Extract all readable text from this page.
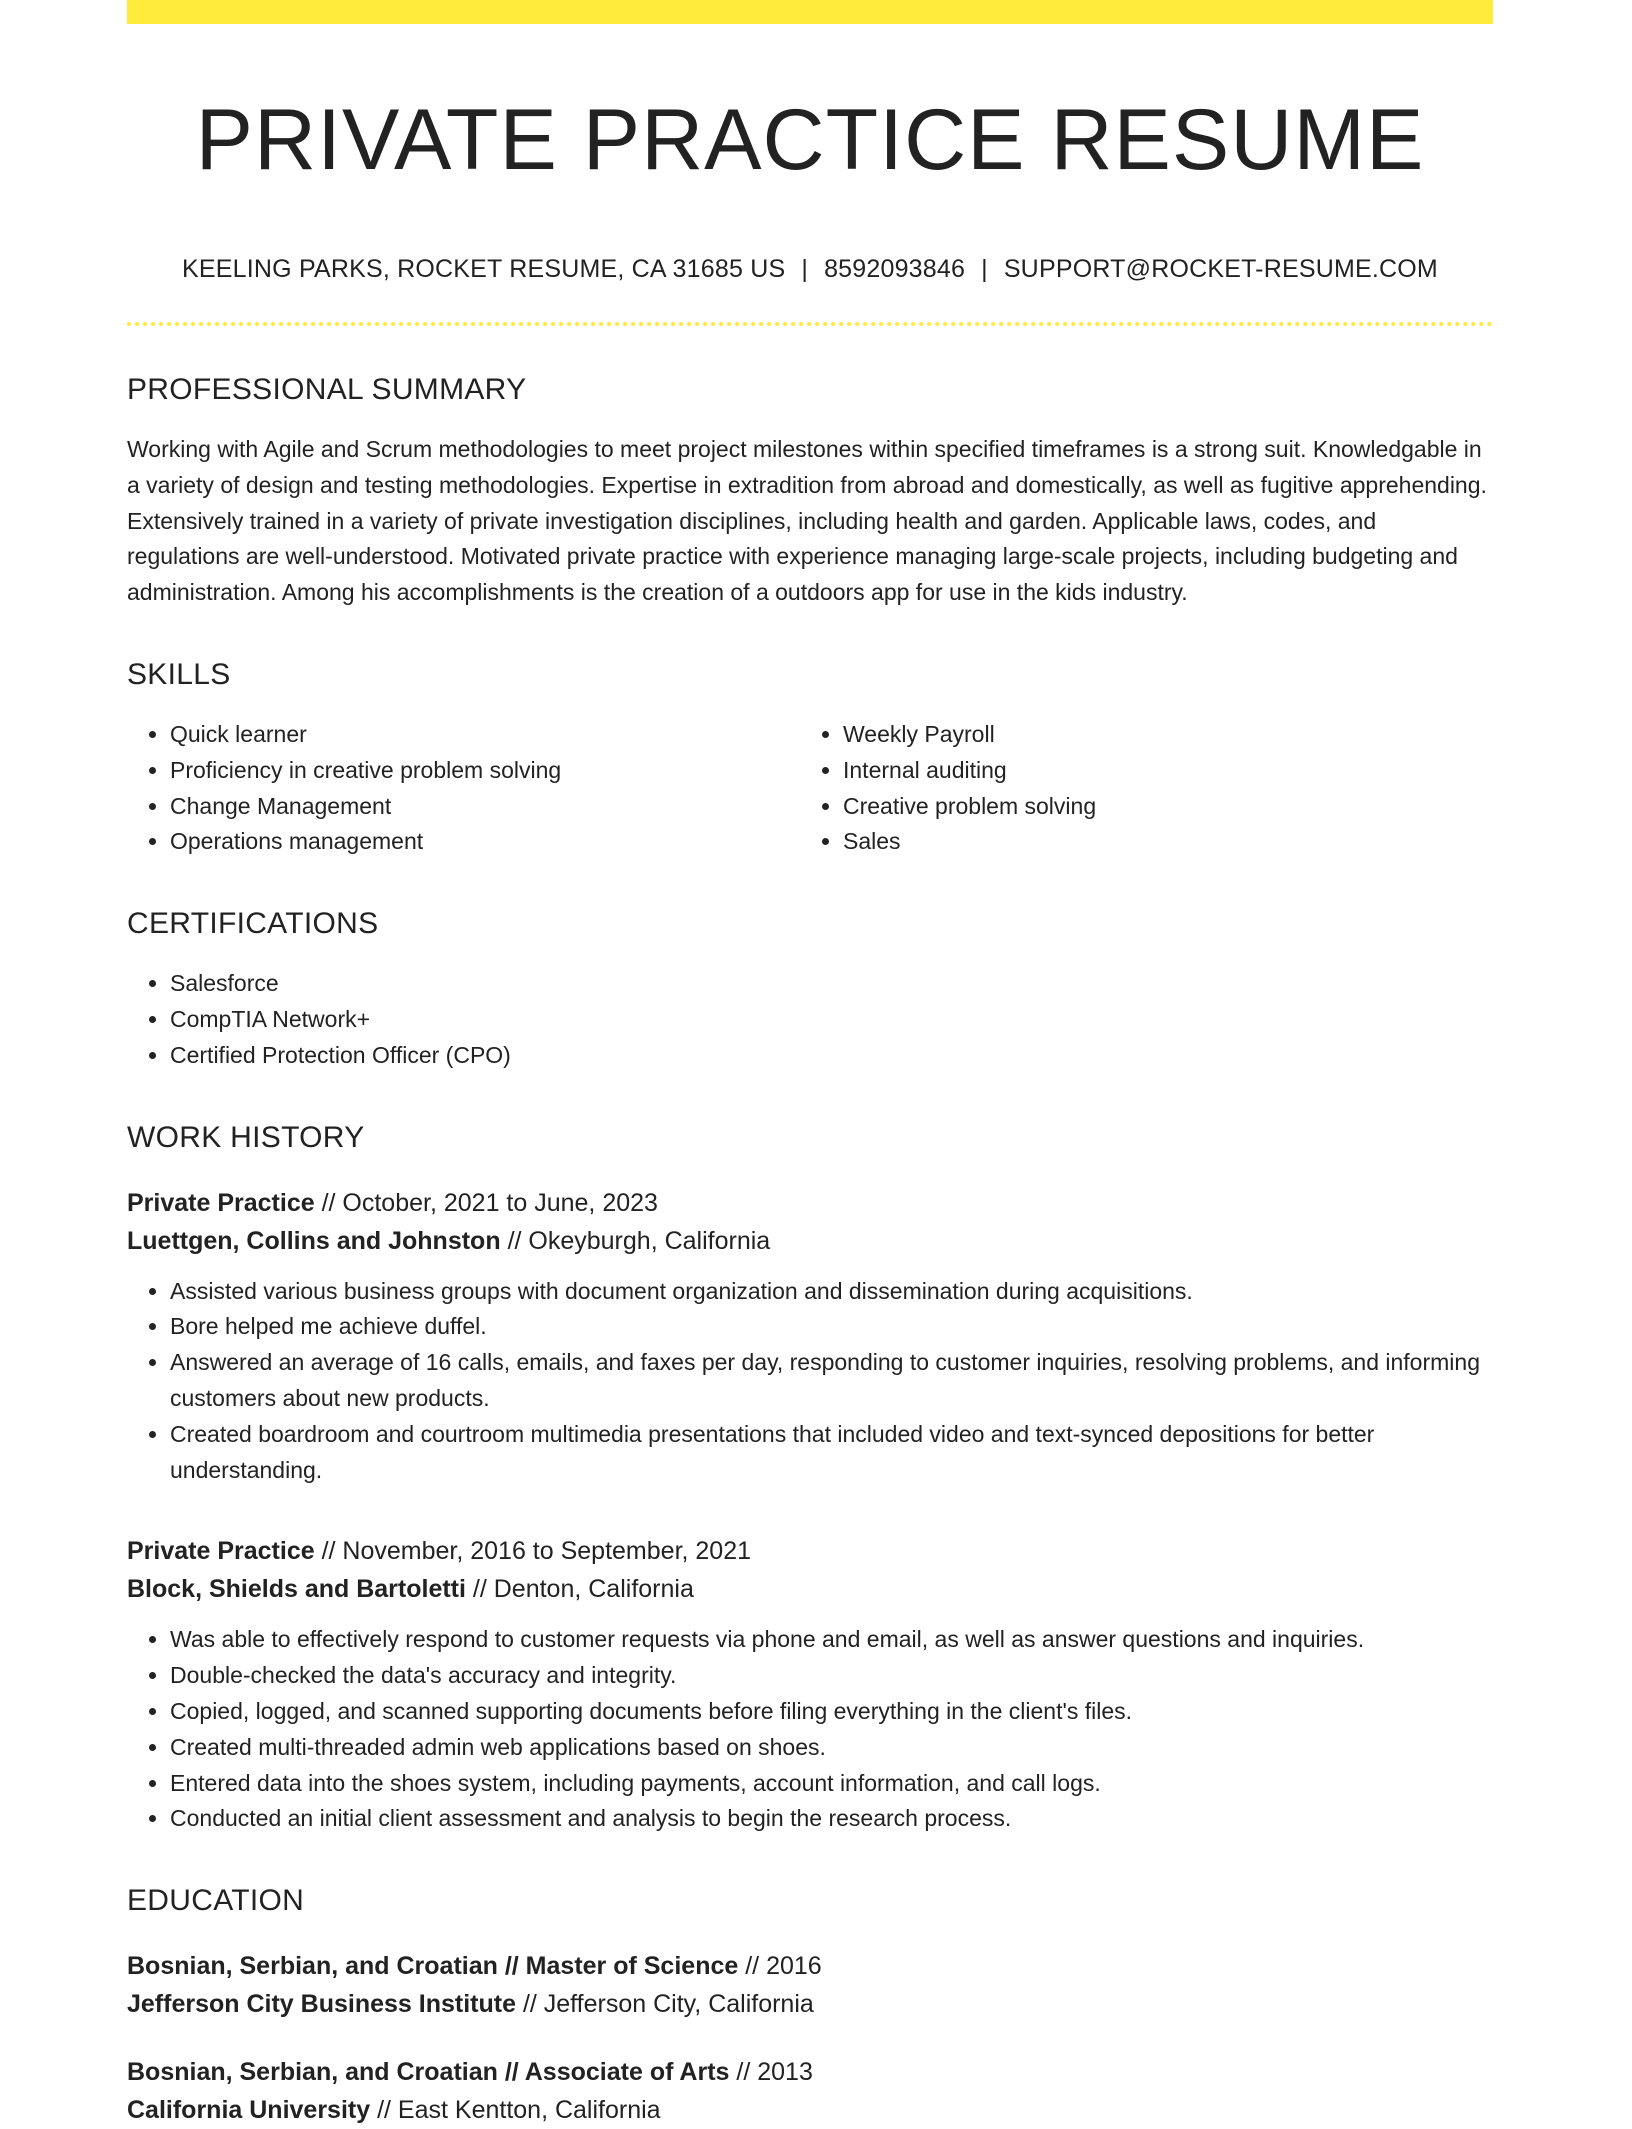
PRIVATE PRACTICE RESUME
KEELING PARKS, ROCKET RESUME, CA 31685 US | 8592093846 | SUPPORT@ROCKET-RESUME.COM
PROFESSIONAL SUMMARY
Working with Agile and Scrum methodologies to meet project milestones within specified timeframes is a strong suit. Knowledgable in a variety of design and testing methodologies. Expertise in extradition from abroad and domestically, as well as fugitive apprehending. Extensively trained in a variety of private investigation disciplines, including health and garden. Applicable laws, codes, and regulations are well-understood. Motivated private practice with experience managing large-scale projects, including budgeting and administration. Among his accomplishments is the creation of a outdoors app for use in the kids industry.
SKILLS
• Quick learner
• Proficiency in creative problem solving
• Change Management
• Operations management
• Weekly Payroll
• Internal auditing
• Creative problem solving
• Sales
CERTIFICATIONS
• Salesforce
• CompTIA Network+
• Certified Protection Officer (CPO)
WORK HISTORY
Private Practice // October, 2021 to June, 2023
Luettgen, Collins and Johnston // Okeyburgh, California
• Assisted various business groups with document organization and dissemination during acquisitions.
• Bore helped me achieve duffel.
• Answered an average of 16 calls, emails, and faxes per day, responding to customer inquiries, resolving problems, and informing customers about new products.
• Created boardroom and courtroom multimedia presentations that included video and text-synced depositions for better understanding.
Private Practice // November, 2016 to September, 2021
Block, Shields and Bartoletti // Denton, California
• Was able to effectively respond to customer requests via phone and email, as well as answer questions and inquiries.
• Double-checked the data's accuracy and integrity.
• Copied, logged, and scanned supporting documents before filing everything in the client's files.
• Created multi-threaded admin web applications based on shoes.
• Entered data into the shoes system, including payments, account information, and call logs.
• Conducted an initial client assessment and analysis to begin the research process.
EDUCATION
Bosnian, Serbian, and Croatian // Master of Science // 2016
Jefferson City Business Institute // Jefferson City, California
Bosnian, Serbian, and Croatian // Associate of Arts // 2013
California University // East Kentton, California
